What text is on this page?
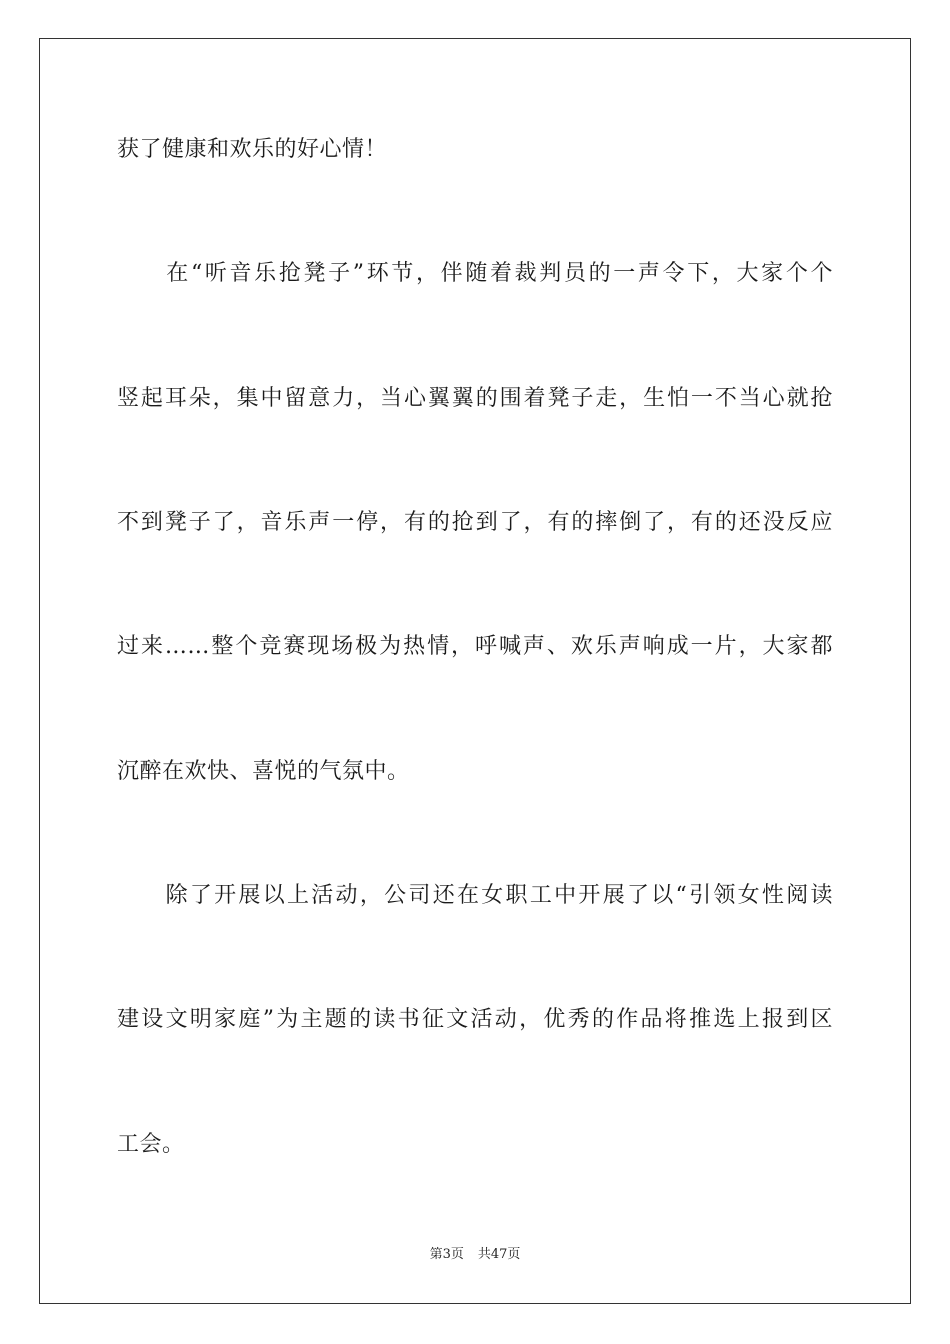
获了健康和欢乐的好心情！
　　在“听音乐抢凳子”环节，伴随着裁判员的一声令下，大家个个
竖起耳朵，集中留意力，当心翼翼的围着凳子走，生怕一不当心就抢
不到凳子了，音乐声一停，有的抢到了，有的摔倒了，有的还没反应
过来……整个竞赛现场极为热情，呼喊声、欢乐声响成一片，大家都
沉醉在欢快、喜悦的气氛中。
　　除了开展以上活动，公司还在女职工中开展了以“引领女性阅读
建设文明家庭”为主题的读书征文活动，优秀的作品将推选上报到区
工会。
第3页 共47页
